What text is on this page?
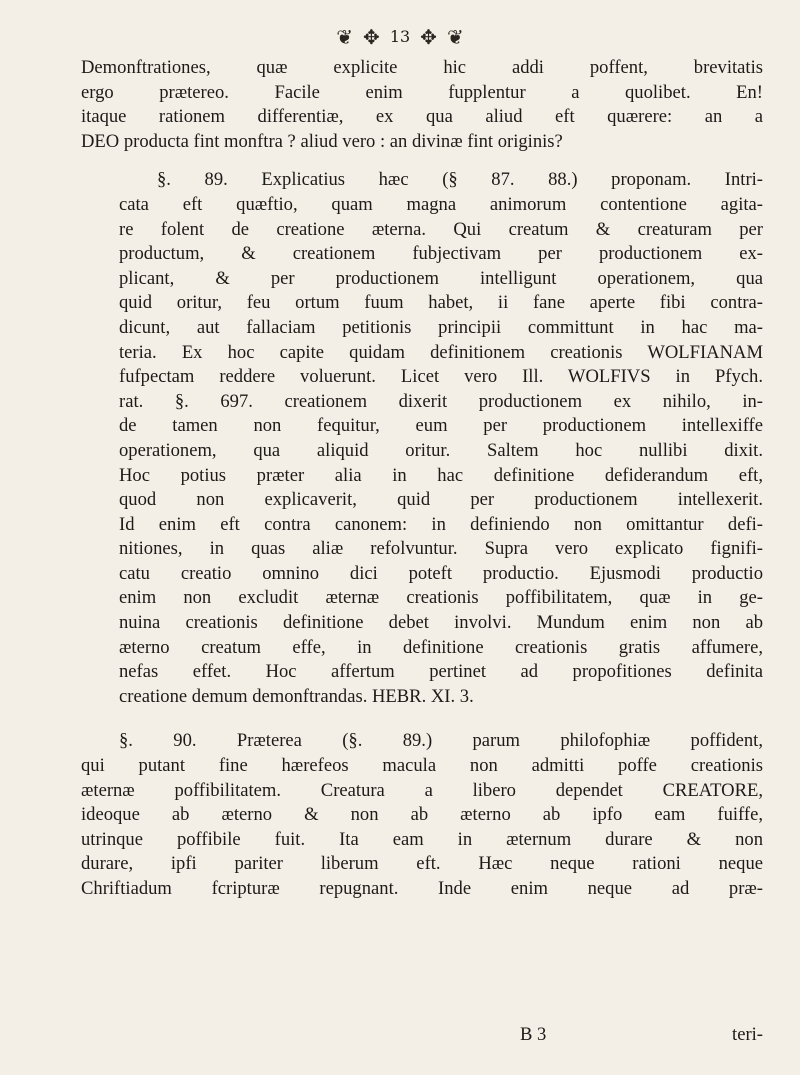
❦ ✥ 13 ✥ ❦

Demonftrationes, quæ explicite hic addi poffent, brevitatis
ergo prætereo. Facile enim fupplentur a quolibet. En!
itaque rationem differentiæ, ex qua aliud eft quærere: an a
DEO producta fint monftra ? aliud vero : an divinæ fint originis?

§. 89. Explicatius hæc (§ 87. 88.) proponam. Intri-
cata eft quæftio, quam magna animorum contentione agita-
re folent de creatione æterna. Qui creatum & creaturam per
productum, & creationem fubjectivam per productionem ex-
plicant, & per productionem intelligunt operationem, qua
quid oritur, feu ortum fuum habet, ii fane aperte fibi contra-
dicunt, aut fallaciam petitionis principii committunt in hac ma-
teria. Ex hoc capite quidam definitionem creationis WOLFIANAM
fufpectam reddere voluerunt. Licet vero Ill. WOLFIVS in Pfych.
rat. §. 697. creationem dixerit productionem ex nihilo, in-
de tamen non fequitur, eum per productionem intellexiffe
operationem, qua aliquid oritur. Saltem hoc nullibi dixit.
Hoc potius præter alia in hac definitione defiderandum eft,
quod non explicaverit, quid per productionem intellexerit.
Id enim eft contra canonem: in definiendo non omittantur defi-
nitiones, in quas aliæ refolvuntur. Supra vero explicato fignifi-
catu creatio omnino dici poteft productio. Ejusmodi productio
enim non excludit æternæ creationis poffibilitatem, quæ in ge-
nuina creationis definitione debet involvi. Mundum enim non ab
æterno creatum effe, in definitione creationis gratis affumere,
nefas effet. Hoc affertum pertinet ad propofitiones definita
creatione demum demonftrandas. HEBR. XI. 3.

§. 90. Præterea (§. 89.) parum philofophiæ poffident,
qui putant fine hærefeos macula non admitti poffe creationis
æternæ poffibilitatem. Creatura a libero dependet CREATORE,
ideoque ab æterno & non ab æterno ab ipfo eam fuiffe,
utrinque poffibile fuit. Ita eam in æternum durare & non
durare, ipfi pariter liberum eft. Hæc neque rationi neque
Chriftiadum fcripturæ repugnant. Inde enim neque ad præ-

B 3	teri-
